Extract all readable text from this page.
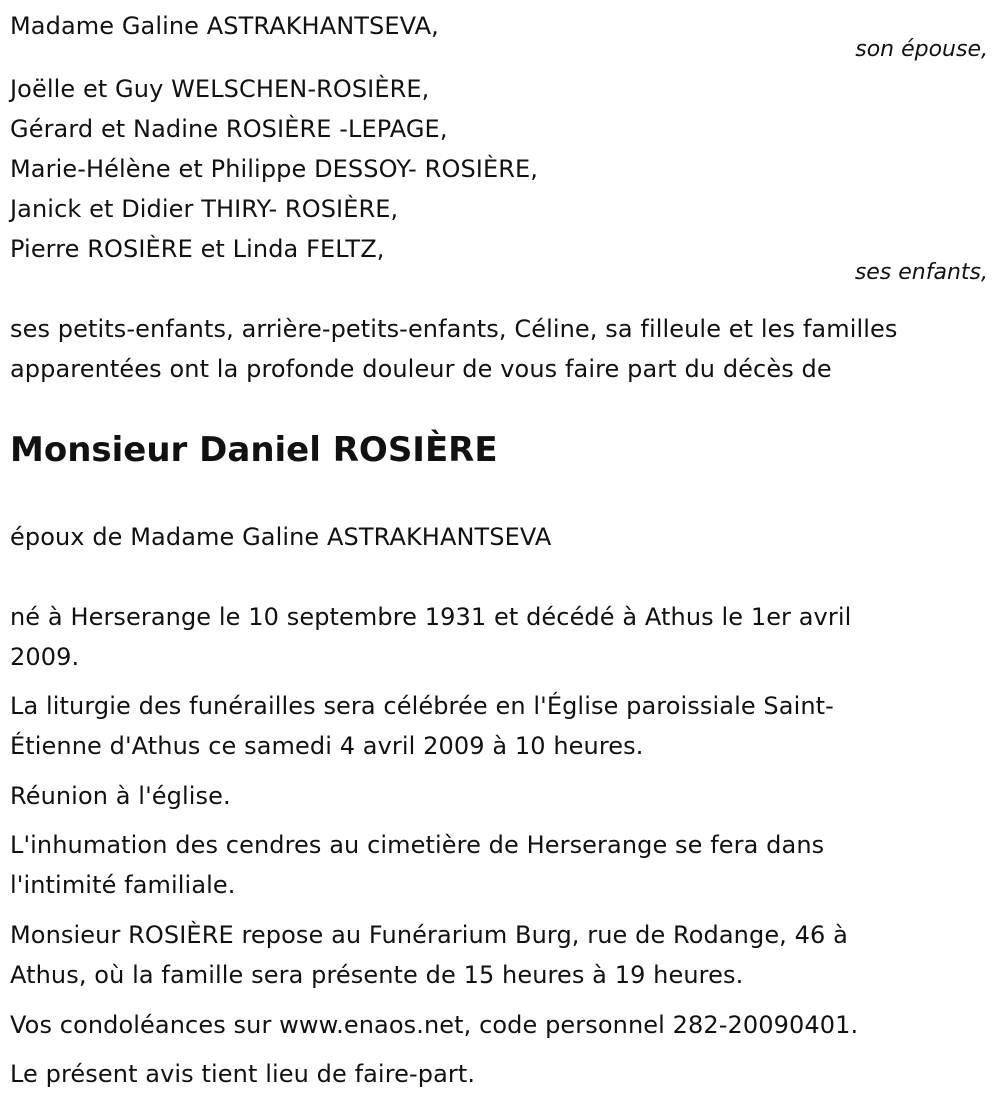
Madame Galine ASTRAKHANTSEVA,
son épouse,
Joëlle et Guy WELSCHEN-ROSIÈRE,
Gérard et Nadine ROSIÈRE -LEPAGE,
Marie-Hélène et Philippe DESSOY- ROSIÈRE,
Janick et Didier THIRY- ROSIÈRE,
Pierre ROSIÈRE et Linda FELTZ,
ses enfants,
ses petits-enfants, arrière-petits-enfants, Céline, sa filleule et les familles
apparentées ont la profonde douleur de vous faire part du décès de
Monsieur Daniel ROSIÈRE
époux de Madame Galine ASTRAKHANTSEVA
né à Herserange le 10 septembre 1931 et décédé à Athus le 1er avril
2009.
La liturgie des funérailles sera célébrée en l'Église paroissiale Saint-
Étienne d'Athus ce samedi 4 avril 2009 à 10 heures.
Réunion à l'église.
L'inhumation des cendres au cimetière de Herserange se fera dans
l'intimité familiale.
Monsieur ROSIÈRE repose au Funérarium Burg, rue de Rodange, 46 à
Athus, où la famille sera présente de 15 heures à 19 heures.
Vos condoléances sur www.enaos.net, code personnel 282-20090401.
Le présent avis tient lieu de faire-part.
